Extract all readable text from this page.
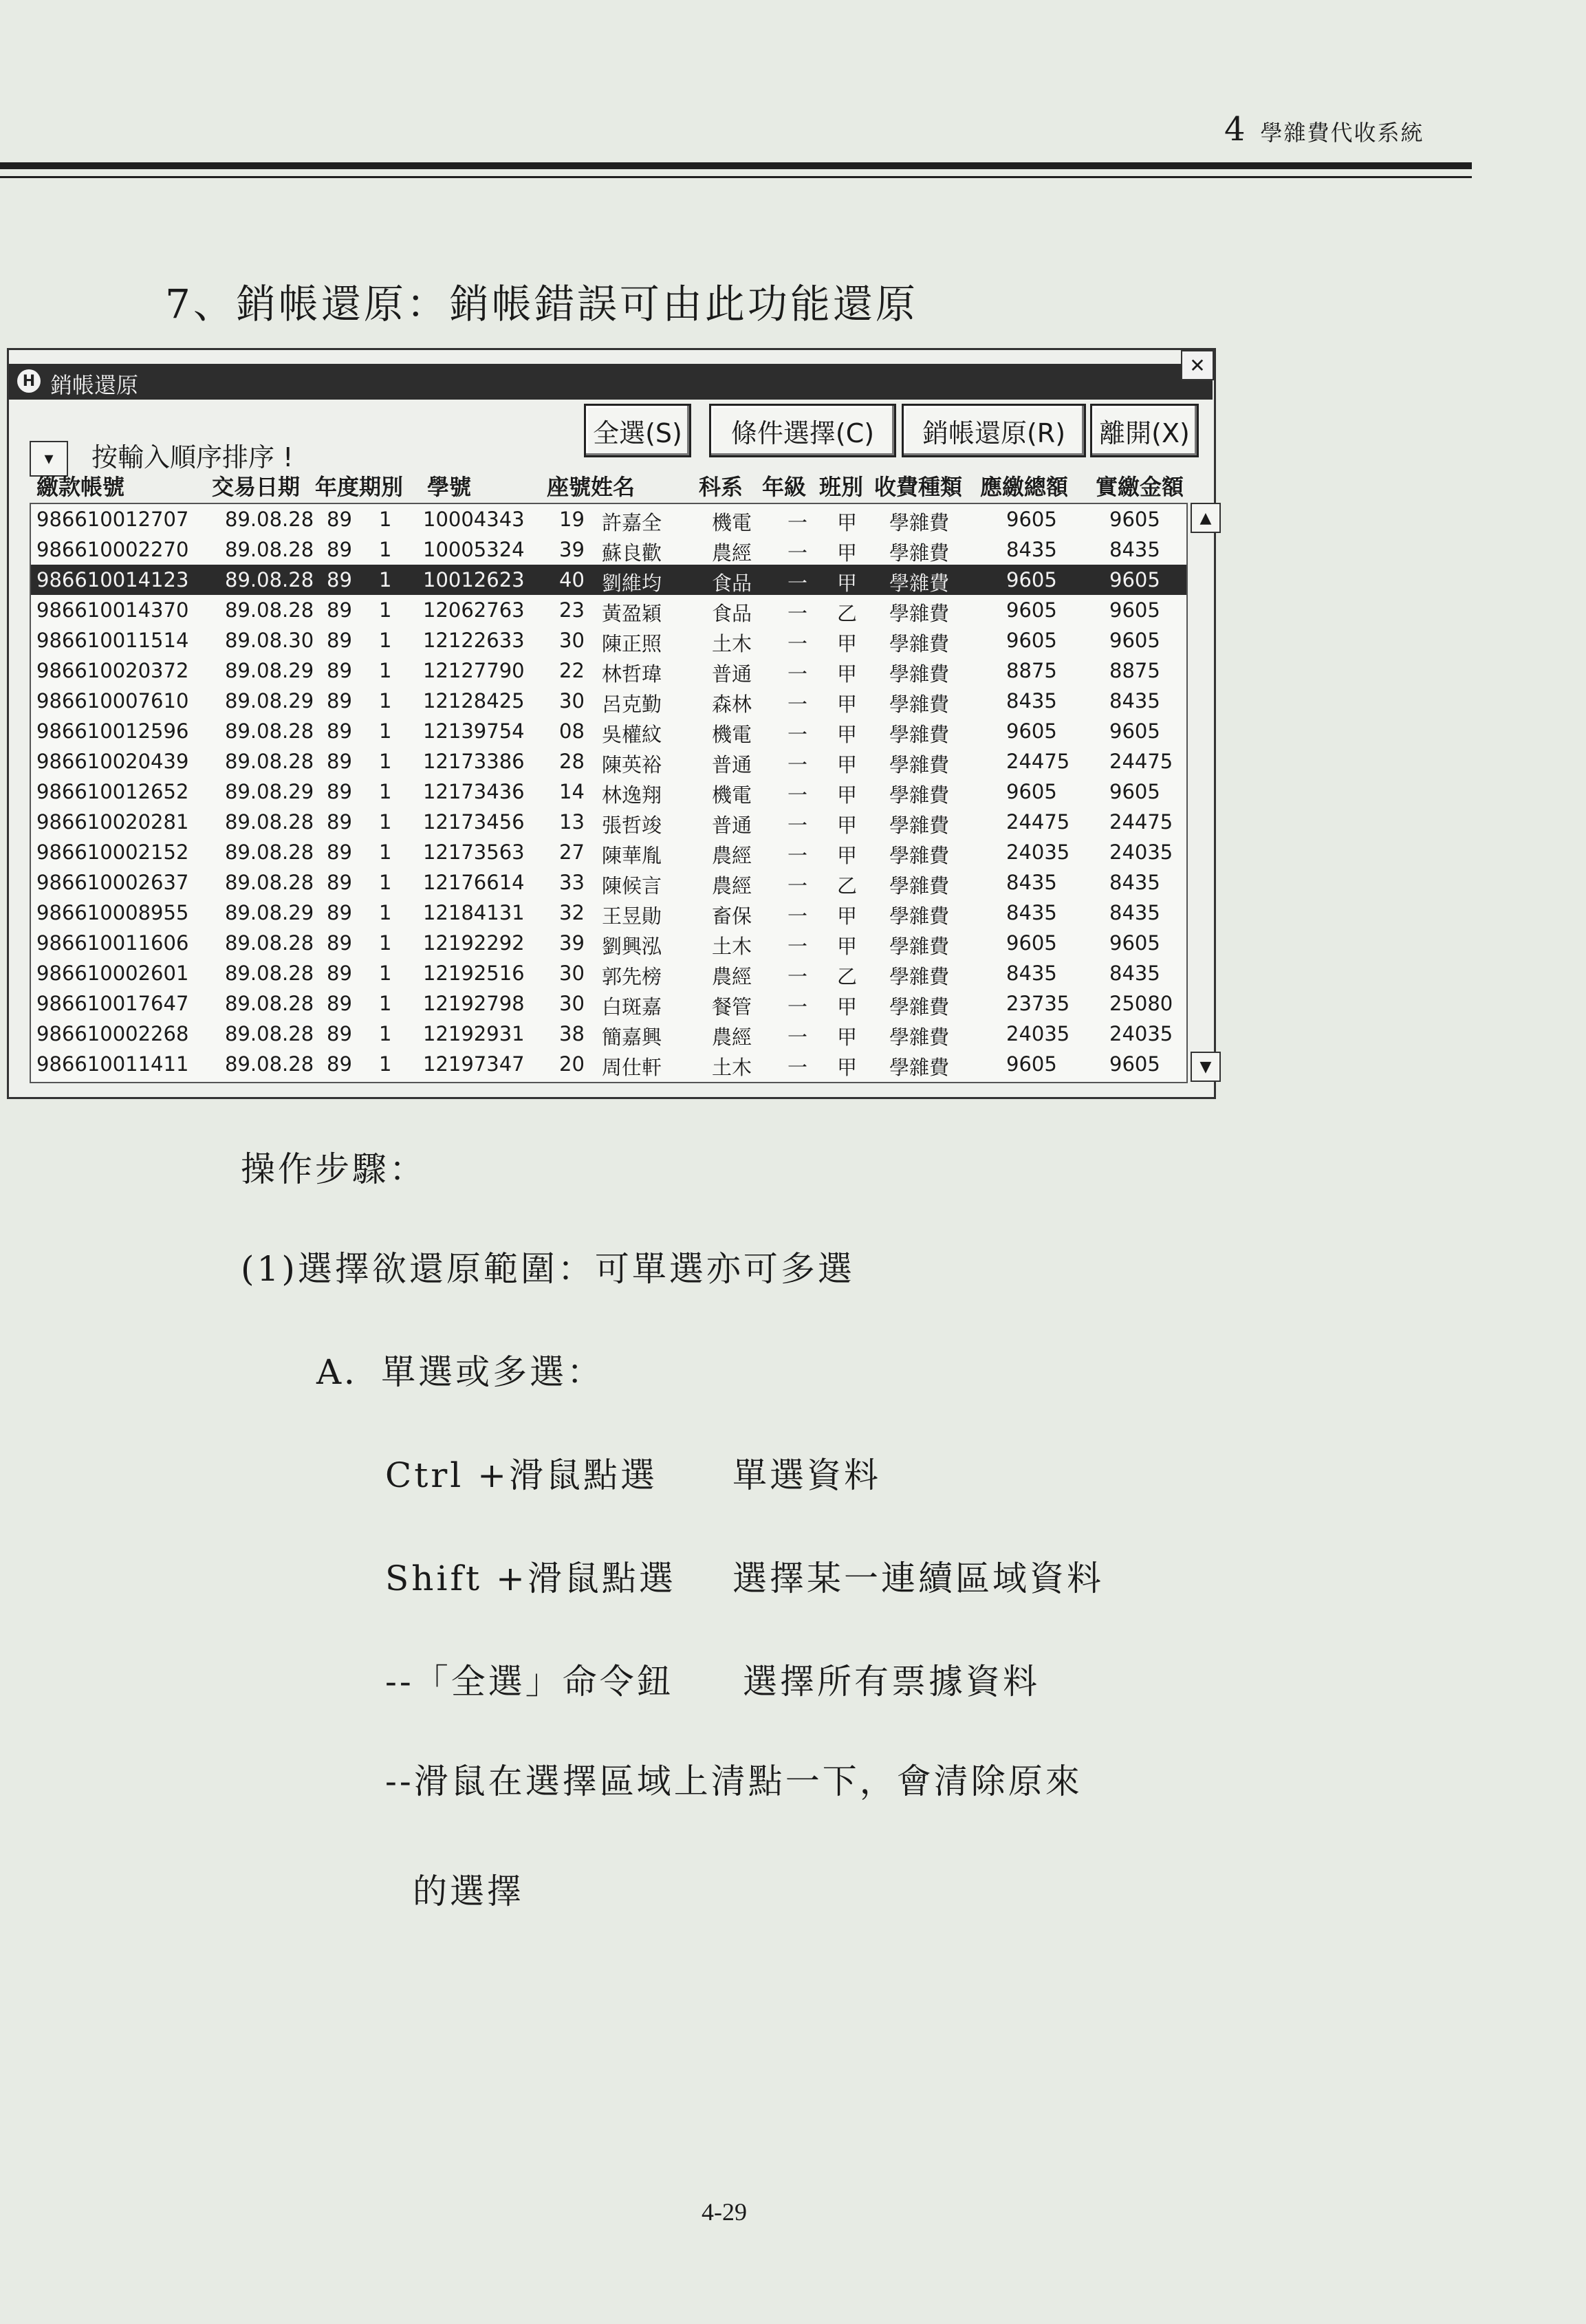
4 學雜費代收系統
7、銷帳還原：銷帳錯誤可由此功能還原
H 銷帳還原
✕
全選(S)	條件選擇(C)	銷帳還原(R)	離開(X)
▾ 按輸入順序排序 !
繳款帳號	交易日期 年度期別 學號	座號姓名	科系 年級 班別 收費種類 應繳總額 實繳金額
986610012707 89.08.28 89 1 10004343 19 許嘉全	機電 一 甲 學雜費	9605	9605
986610002270 89.08.28 89 1 10005324 39 蘇良歡	農經 一 甲 學雜費	8435	8435
986610014123 89.08.28 89 1 10012623 40 劉維均	食品 一 甲 學雜費	9605	9605
986610014370 89.08.28 89 1 12062763 23 黃盈穎	食品 一 乙 學雜費	9605	9605
986610011514 89.08.30 89 1 12122633 30 陳正照	土木 一 甲 學雜費	9605	9605
986610020372 89.08.29 89 1 12127790 22 林哲瑋	普通 一 甲 學雜費	8875	8875
986610007610 89.08.29 89 1 12128425 30 呂克勤	森林 一 甲 學雜費	8435	8435
986610012596 89.08.28 89 1 12139754 08 吳權紋	機電 一 甲 學雜費	9605	9605
986610020439 89.08.28 89 1 12173386 28 陳英裕	普通 一 甲 學雜費	24475 24475
986610012652 89.08.29 89 1 12173436 14 林逸翔	機電 一 甲 學雜費	9605	9605
986610020281 89.08.28 89 1 12173456 13 張哲竣	普通 一 甲 學雜費	24475 24475
986610002152 89.08.28 89 1 12173563 27 陳華胤	農經 一 甲 學雜費	24035 24035
986610002637 89.08.28 89 1 12176614 33 陳候言	農經 一 乙 學雜費	8435	8435
986610008955 89.08.29 89 1 12184131 32 王昱勛	畜保 一 甲 學雜費	8435	8435
986610011606 89.08.28 89 1 12192292 39 劉興泓	土木 一 甲 學雜費	9605	9605
986610002601 89.08.28 89 1 12192516 30 郭先榜	農經 一 乙 學雜費	8435	8435
986610017647 89.08.28 89 1 12192798 30 白斑嘉	餐管 一 甲 學雜費	23735 25080
986610002268 89.08.28 89 1 12192931 38 簡嘉興	農經 一 甲 學雜費	24035 24035
986610011411 89.08.28 89 1 12197347 20 周仕軒	土木 一 甲 學雜費	9605	9605
▲
▼
操作步驟：
(1)選擇欲還原範圍：可單選亦可多選
A．單選或多選：
Ctrl +滑鼠點選 單選資料
Shift +滑鼠點選 選擇某一連續區域資料
--「全選」命令鈕 選擇所有票據資料
--滑鼠在選擇區域上清點一下，會清除原來
的選擇
4-29
